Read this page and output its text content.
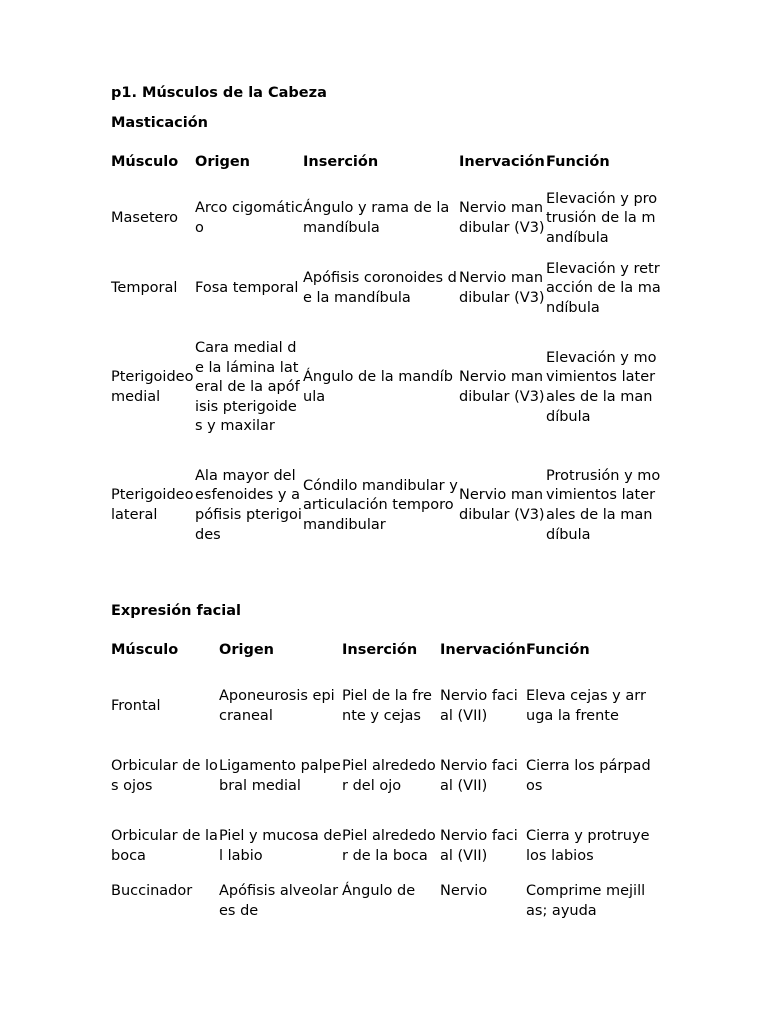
p1. Músculos de la Cabeza
Masticación
Músculo	Origen	Inserción	Inervación	Función
Masetero	Arco cigomático	Ángulo y rama de la mandíbula	Nervio mandibular (V3)	Elevación y protrusión de la mandíbula
Temporal	Fosa temporal	Apófisis coronoides de la mandíbula	Nervio mandibular (V3)	Elevación y retracción de la mandíbula
Pterigoideo medial	Cara medial de la lámina lateral de la apófisis pterigoides y maxilar	Ángulo de la mandíbula	Nervio mandibular (V3)	Elevación y movimientos laterales de la mandíbula
Pterigoideo lateral	Ala mayor del esfenoides y apófisis pterigoides	Cóndilo mandibular y articulación temporomandibular	Nervio mandibular (V3)	Protrusión y movimientos laterales de la mandíbula
Expresión facial
Músculo	Origen	Inserción	Inervación	Función
Frontal	Aponeurosis epicraneal	Piel de la frente y cejas	Nervio facial (VII)	Eleva cejas y arruga la frente
Orbicular de los ojos	Ligamento palpebral medial	Piel alrededor del ojo	Nervio facial (VII)	Cierra los párpados
Orbicular de la boca	Piel y mucosa del labio	Piel alrededor de la boca	Nervio facial (VII)	Cierra y protruye los labios
Buccinador	Apófisis alveolares de	Ángulo de	Nervio	Comprime mejillas; ayuda
